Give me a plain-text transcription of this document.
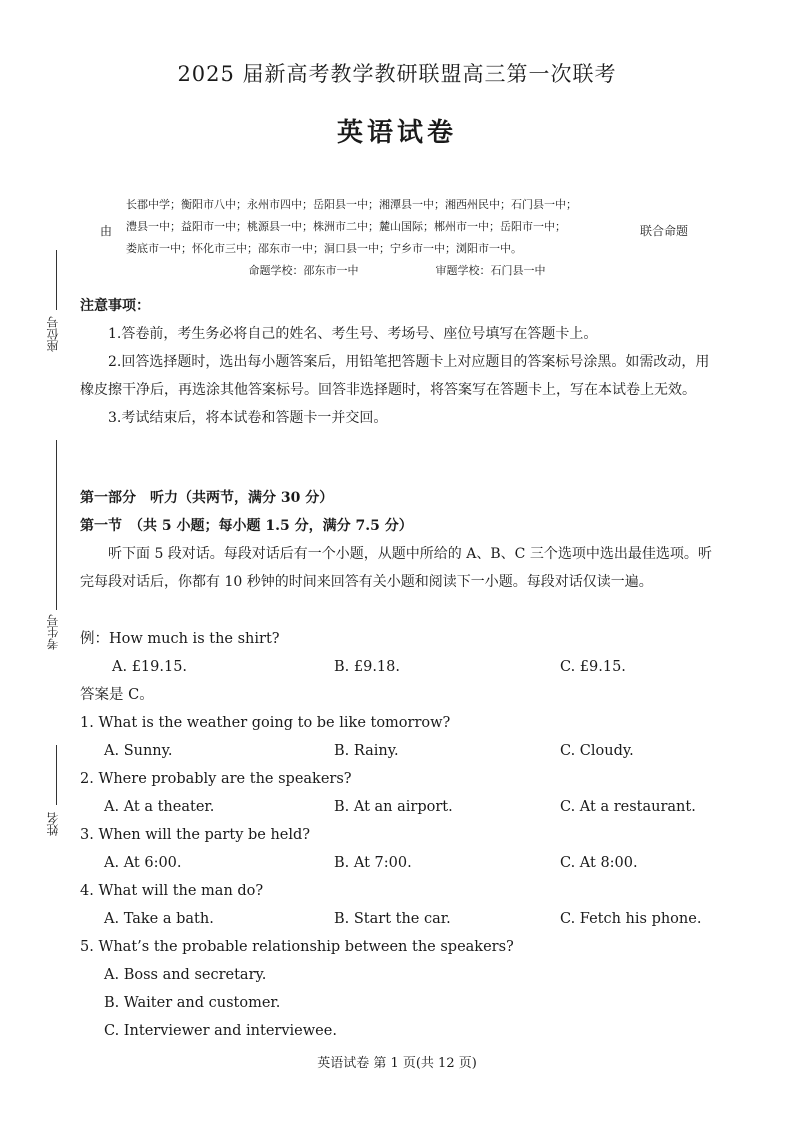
2025 届新高考教学教研联盟高三第一次联考
英语试卷
由
长郡中学；衡阳市八中；永州市四中；岳阳县一中；湘潭县一中；湘西州民中；石门县一中；
澧县一中；益阳市一中；桃源县一中；株洲市二中；麓山国际；郴州市一中；岳阳市一中；
娄底市一中；怀化市三中；邵东市一中；洞口县一中；宁乡市一中；浏阳市一中。
联合命题
命题学校：邵东市一中	审题学校：石门县一中
座位号
考生号
姓名
注意事项：

1.答卷前，考生务必将自己的姓名、考生号、考场号、座位号填写在答题卡上。

2.回答选择题时，选出每小题答案后，用铅笔把答题卡上对应题目的答案标号涂黑。如需改动，用橡皮擦干净后，再选涂其他答案标号。回答非选择题时，将答案写在答题卡上，写在本试卷上无效。

3.考试结束后，将本试卷和答题卡一并交回。

第一部分　听力（共两节，满分 30 分）
第一节　（共 5 小题；每小题 1.5 分，满分 7.5 分）

听下面 5 段对话。每段对话后有一个小题，从题中所给的 A、B、C 三个选项中选出最佳选项。听完每段对话后，你都有 10 秒钟的时间来回答有关小题和阅读下一小题。每段对话仅读一遍。

例：How much is the shirt?
A. £19.15.	B. £9.18.	C. £9.15.
答案是 C。
1. What is the weather going to be like tomorrow?
A. Sunny.	B. Rainy.	C. Cloudy.
2. Where probably are the speakers?
A. At a theater.	B. At an airport.	C. At a restaurant.
3. When will the party be held?
A. At 6:00.	B. At 7:00.	C. At 8:00.
4. What will the man do?
A. Take a bath.	B. Start the car.	C. Fetch his phone.
5. What’s the probable relationship between the speakers?
A. Boss and secretary.
B. Waiter and customer.
C. Interviewer and interviewee.
英语试卷 第 1 页(共 12 页)
